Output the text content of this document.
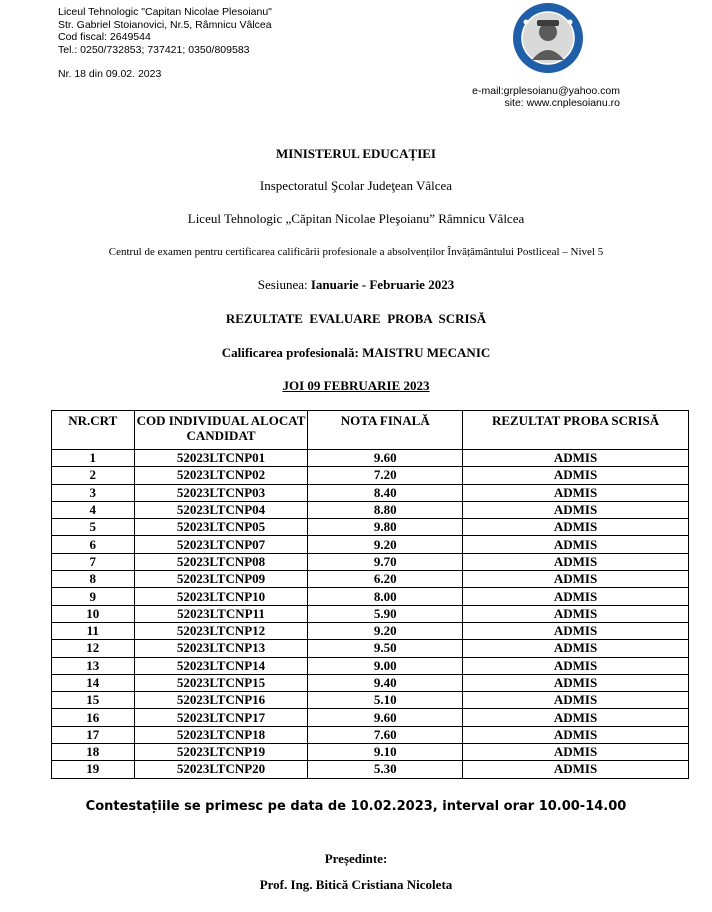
Liceul Tehnologic "Capitan Nicolae Plesoianu"
Str. Gabriel Stoianovici, Nr.5, Râmnicu Vâlcea
Cod fiscal: 2649544
Tel.: 0250/732853; 737421; 0350/809583
Nr. 18 din 09.02. 2023
e-mail:grplesoianu@yahoo.com
site: www.cnplesoianu.ro
MINISTERUL EDUCAȚIEI
Inspectoratul Şcolar Judeţean Vâlcea
Liceul Tehnologic „Căpitan Nicolae Pleşoianu” Râmnicu Vâlcea
Centrul de examen pentru certificarea calificării profesionale a absolvenților Învățământului Postliceal – Nivel 5
Sesiunea: Ianuarie - Februarie 2023
REZULTATE  EVALUARE  PROBA  SCRISĂ
Calificarea profesională: MAISTRU MECANIC
JOI 09 FEBRUARIE 2023
NR.CRT	COD INDIVIDUAL ALOCAT CANDIDAT	NOTA FINALĂ	REZULTAT PROBA SCRISĂ
1	52023LTCNP01	9.60	ADMIS
2	52023LTCNP02	7.20	ADMIS
3	52023LTCNP03	8.40	ADMIS
4	52023LTCNP04	8.80	ADMIS
5	52023LTCNP05	9.80	ADMIS
6	52023LTCNP07	9.20	ADMIS
7	52023LTCNP08	9.70	ADMIS
8	52023LTCNP09	6.20	ADMIS
9	52023LTCNP10	8.00	ADMIS
10	52023LTCNP11	5.90	ADMIS
11	52023LTCNP12	9.20	ADMIS
12	52023LTCNP13	9.50	ADMIS
13	52023LTCNP14	9.00	ADMIS
14	52023LTCNP15	9.40	ADMIS
15	52023LTCNP16	5.10	ADMIS
16	52023LTCNP17	9.60	ADMIS
17	52023LTCNP18	7.60	ADMIS
18	52023LTCNP19	9.10	ADMIS
19	52023LTCNP20	5.30	ADMIS
Contestațiile se primesc pe data de 10.02.2023, interval orar 10.00-14.00
Președinte:
Prof. Ing. Bitică Cristiana Nicoleta
